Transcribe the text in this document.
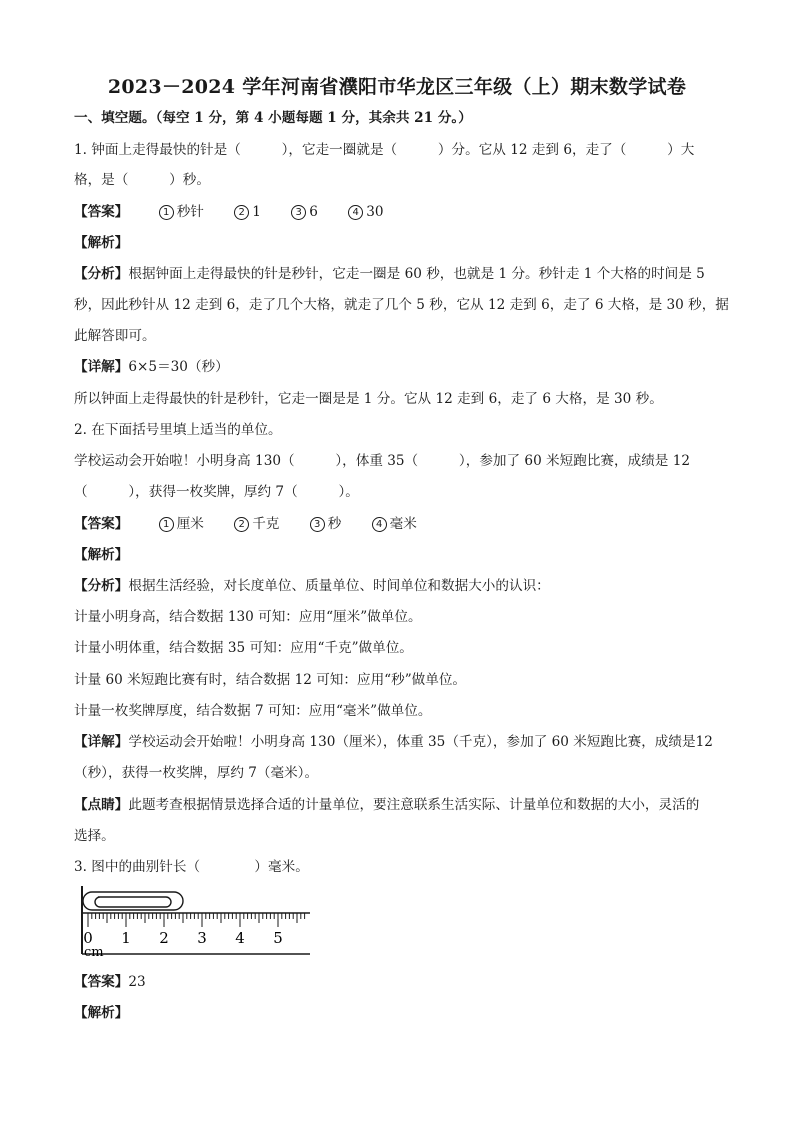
2023－2024 学年河南省濮阳市华龙区三年级（上）期末数学试卷
一、填空题。（每空 1 分，第 4 小题每题 1 分，其余共 21 分。）
1. 钟面上走得最快的针是（　　　），它走一圈就是（　　　）分。它从 12 走到 6，走了（　　　）大
格，是（　　　）秒。
【答案】	1 秒针	2 1	3 6	4 30
【解析】
【分析】根据钟面上走得最快的针是秒针，它走一圈是 60 秒，也就是 1 分。秒针走 1 个大格的时间是 5
秒，因此秒针从 12 走到 6，走了几个大格，就走了几个 5 秒，它从 12 走到 6，走了 6 大格，是 30 秒，据
此解答即可。
【详解】6×5＝30（秒）
所以钟面上走得最快的针是秒针，它走一圈是是 1 分。它从 12 走到 6，走了 6 大格，是 30 秒。
2. 在下面括号里填上适当的单位。
学校运动会开始啦！小明身高 130（　　　），体重 35（　　　），参加了 60 米短跑比赛，成绩是 12
（　　　），获得一枚奖牌，厚约 7（　　　）。
【答案】	1 厘米	2 千克	3 秒	4 毫米
【解析】
【分析】根据生活经验，对长度单位、质量单位、时间单位和数据大小的认识：
计量小明身高，结合数据 130 可知：应用“厘米”做单位。
计量小明体重，结合数据 35 可知：应用“千克”做单位。
计量 60 米短跑比赛有时，结合数据 12 可知：应用“秒”做单位。
计量一枚奖牌厚度，结合数据 7 可知：应用“毫米”做单位。
【详解】学校运动会开始啦！小明身高 130（厘米），体重 35（千克），参加了 60 米短跑比赛，成绩是12
（秒），获得一枚奖牌，厚约 7（毫米）。
【点睛】此题考查根据情景选择合适的计量单位，要注意联系生活实际、计量单位和数据的大小，灵活的
选择。
3. 图中的曲别针长（　　　　）毫米。
0 1 2 3 4 5
cm
【答案】23
【解析】
